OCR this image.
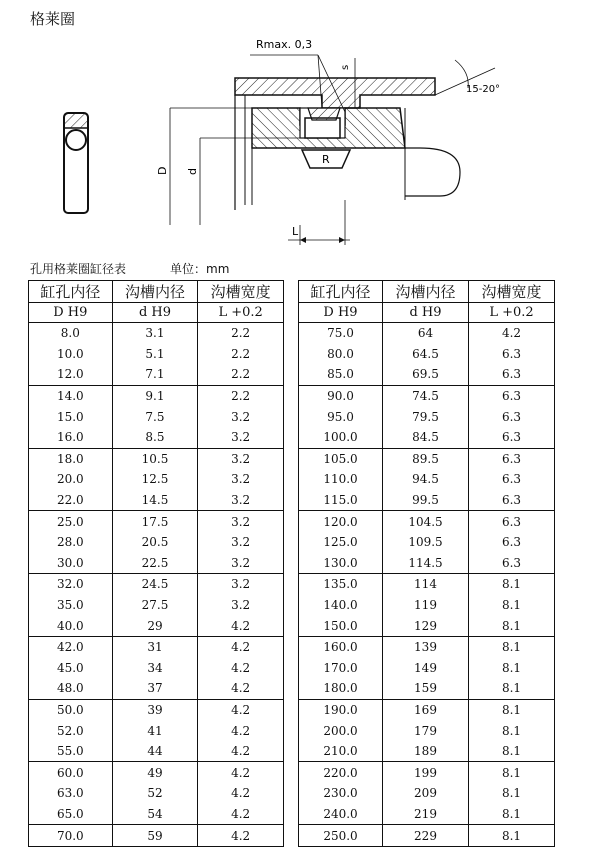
格莱圈
Rmax. 0,3
s
15-20°
d
D
R
L
孔用格莱圈缸径表	单位：mm
缸孔内径	沟槽内径	沟槽宽度
D H9	d H9	L +0.2
8.0	3.1	2.2
10.0	5.1	2.2
12.0	7.1	2.2
14.0	9.1	2.2
15.0	7.5	3.2
16.0	8.5	3.2
18.0	10.5	3.2
20.0	12.5	3.2
22.0	14.5	3.2
25.0	17.5	3.2
28.0	20.5	3.2
30.0	22.5	3.2
32.0	24.5	3.2
35.0	27.5	3.2
40.0	29	4.2
42.0	31	4.2
45.0	34	4.2
48.0	37	4.2
50.0	39	4.2
52.0	41	4.2
55.0	44	4.2
60.0	49	4.2
63.0	52	4.2
65.0	54	4.2
70.0	59	4.2
缸孔内径	沟槽内径	沟槽宽度
D H9	d H9	L +0.2
75.0	64	4.2
80.0	64.5	6.3
85.0	69.5	6.3
90.0	74.5	6.3
95.0	79.5	6.3
100.0	84.5	6.3
105.0	89.5	6.3
110.0	94.5	6.3
115.0	99.5	6.3
120.0	104.5	6.3
125.0	109.5	6.3
130.0	114.5	6.3
135.0	114	8.1
140.0	119	8.1
150.0	129	8.1
160.0	139	8.1
170.0	149	8.1
180.0	159	8.1
190.0	169	8.1
200.0	179	8.1
210.0	189	8.1
220.0	199	8.1
230.0	209	8.1
240.0	219	8.1
250.0	229	8.1
